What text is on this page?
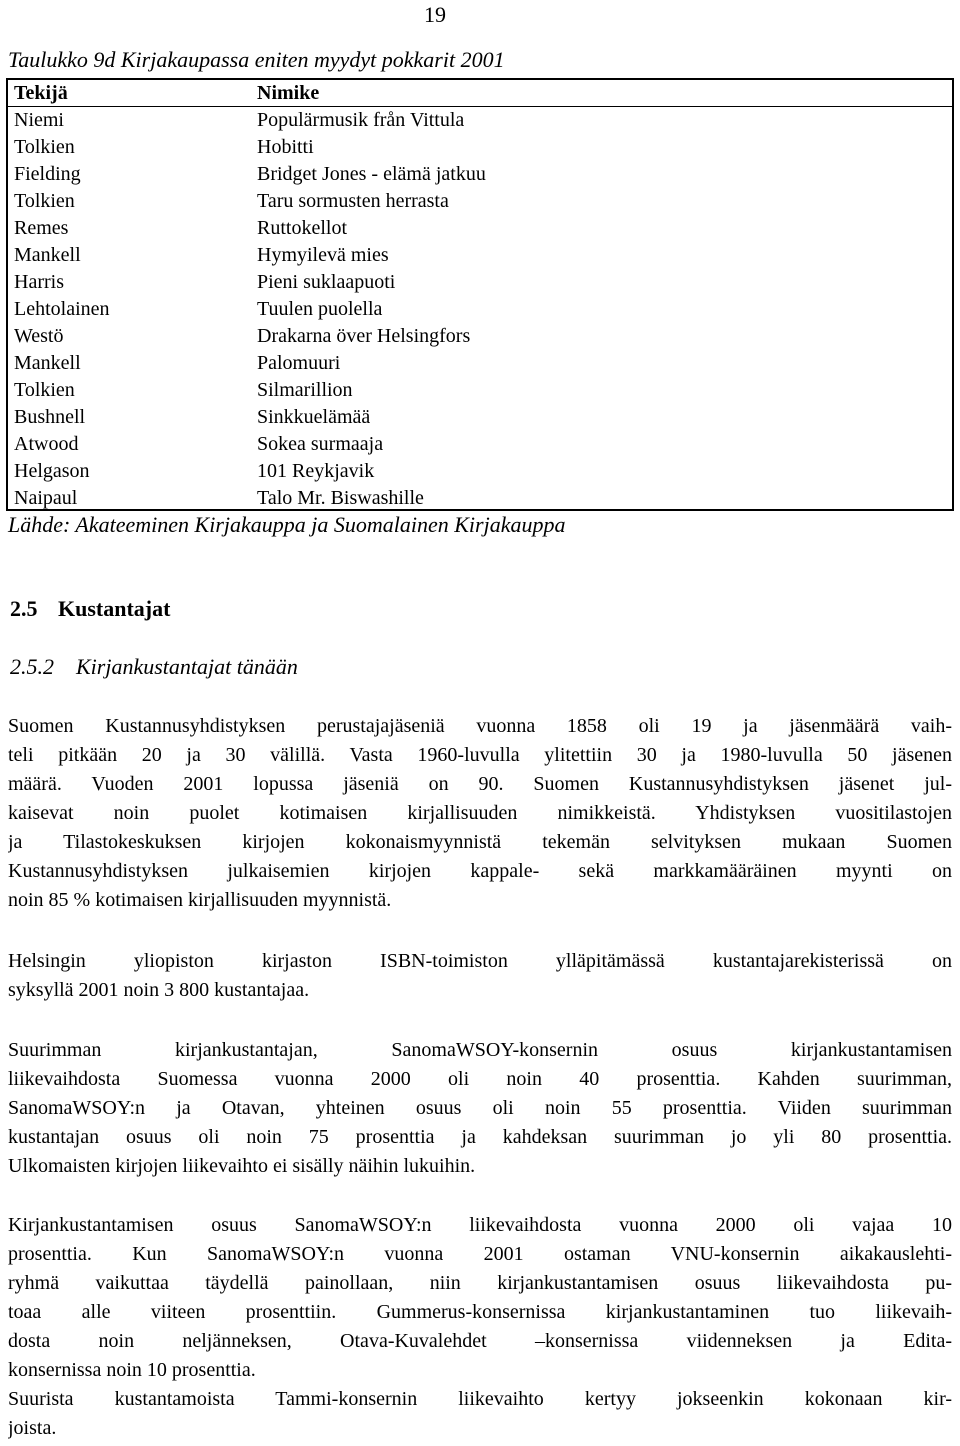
19
Taulukko 9d Kirjakaupassa eniten myydyt pokkarit 2001
Tekijä	Nimike
Niemi	Populärmusik från Vittula
Tolkien	Hobitti
Fielding	Bridget Jones - elämä jatkuu
Tolkien	Taru sormusten herrasta
Remes	Ruttokellot
Mankell	Hymyilevä mies
Harris	Pieni suklaapuoti
Lehtolainen	Tuulen puolella
Westö	Drakarna över Helsingfors
Mankell	Palomuuri
Tolkien	Silmarillion
Bushnell	Sinkkuelämää
Atwood	Sokea surmaaja
Helgason	101 Reykjavik
Naipaul	Talo Mr. Biswashille
Lähde: Akateeminen Kirjakauppa ja Suomalainen Kirjakauppa
2.5 Kustantajat
2.5.2 Kirjankustantajat tänään
Suomen Kustannusyhdistyksen perustajajäseniä vuonna 1858 oli 19 ja jäsenmäärä vaih-
teli pitkään 20 ja 30 välillä. Vasta 1960-luvulla ylitettiin 30 ja 1980-luvulla 50 jäsenen
määrä. Vuoden 2001 lopussa jäseniä on 90. Suomen Kustannusyhdistyksen jäsenet jul-
kaisevat noin puolet kotimaisen kirjallisuuden nimikkeistä. Yhdistyksen vuositilastojen
ja Tilastokeskuksen kirjojen kokonaismyynnistä tekemän selvityksen mukaan Suomen
Kustannusyhdistyksen julkaisemien kirjojen kappale- sekä markkamääräinen myynti on
noin 85 % kotimaisen kirjallisuuden myynnistä.
Helsingin yliopiston kirjaston ISBN-toimiston ylläpitämässä kustantajarekisterissä on
syksyllä 2001 noin 3 800 kustantajaa.
Suurimman kirjankustantajan, SanomaWSOY-konsernin osuus kirjankustantamisen
liikevaihdosta Suomessa vuonna 2000 oli noin 40 prosenttia. Kahden suurimman,
SanomaWSOY:n ja Otavan, yhteinen osuus oli noin 55 prosenttia. Viiden suurimman
kustantajan osuus oli noin 75 prosenttia ja kahdeksan suurimman jo yli 80 prosenttia.
Ulkomaisten kirjojen liikevaihto ei sisälly näihin lukuihin.
Kirjankustantamisen osuus SanomaWSOY:n liikevaihdosta vuonna 2000 oli vajaa 10
prosenttia. Kun SanomaWSOY:n vuonna 2001 ostaman VNU-konsernin aikakauslehti-
ryhmä vaikuttaa täydellä painollaan, niin kirjankustantamisen osuus liikevaihdosta pu-
toaa alle viiteen prosenttiin. Gummerus-konsernissa kirjankustantaminen tuo liikevaih-
dosta noin neljänneksen, Otava-Kuvalehdet –konsernissa viidenneksen ja Edita-
konsernissa noin 10 prosenttia.
Suurista kustantamoista Tammi-konsernin liikevaihto kertyy jokseenkin kokonaan kir-
joista.
